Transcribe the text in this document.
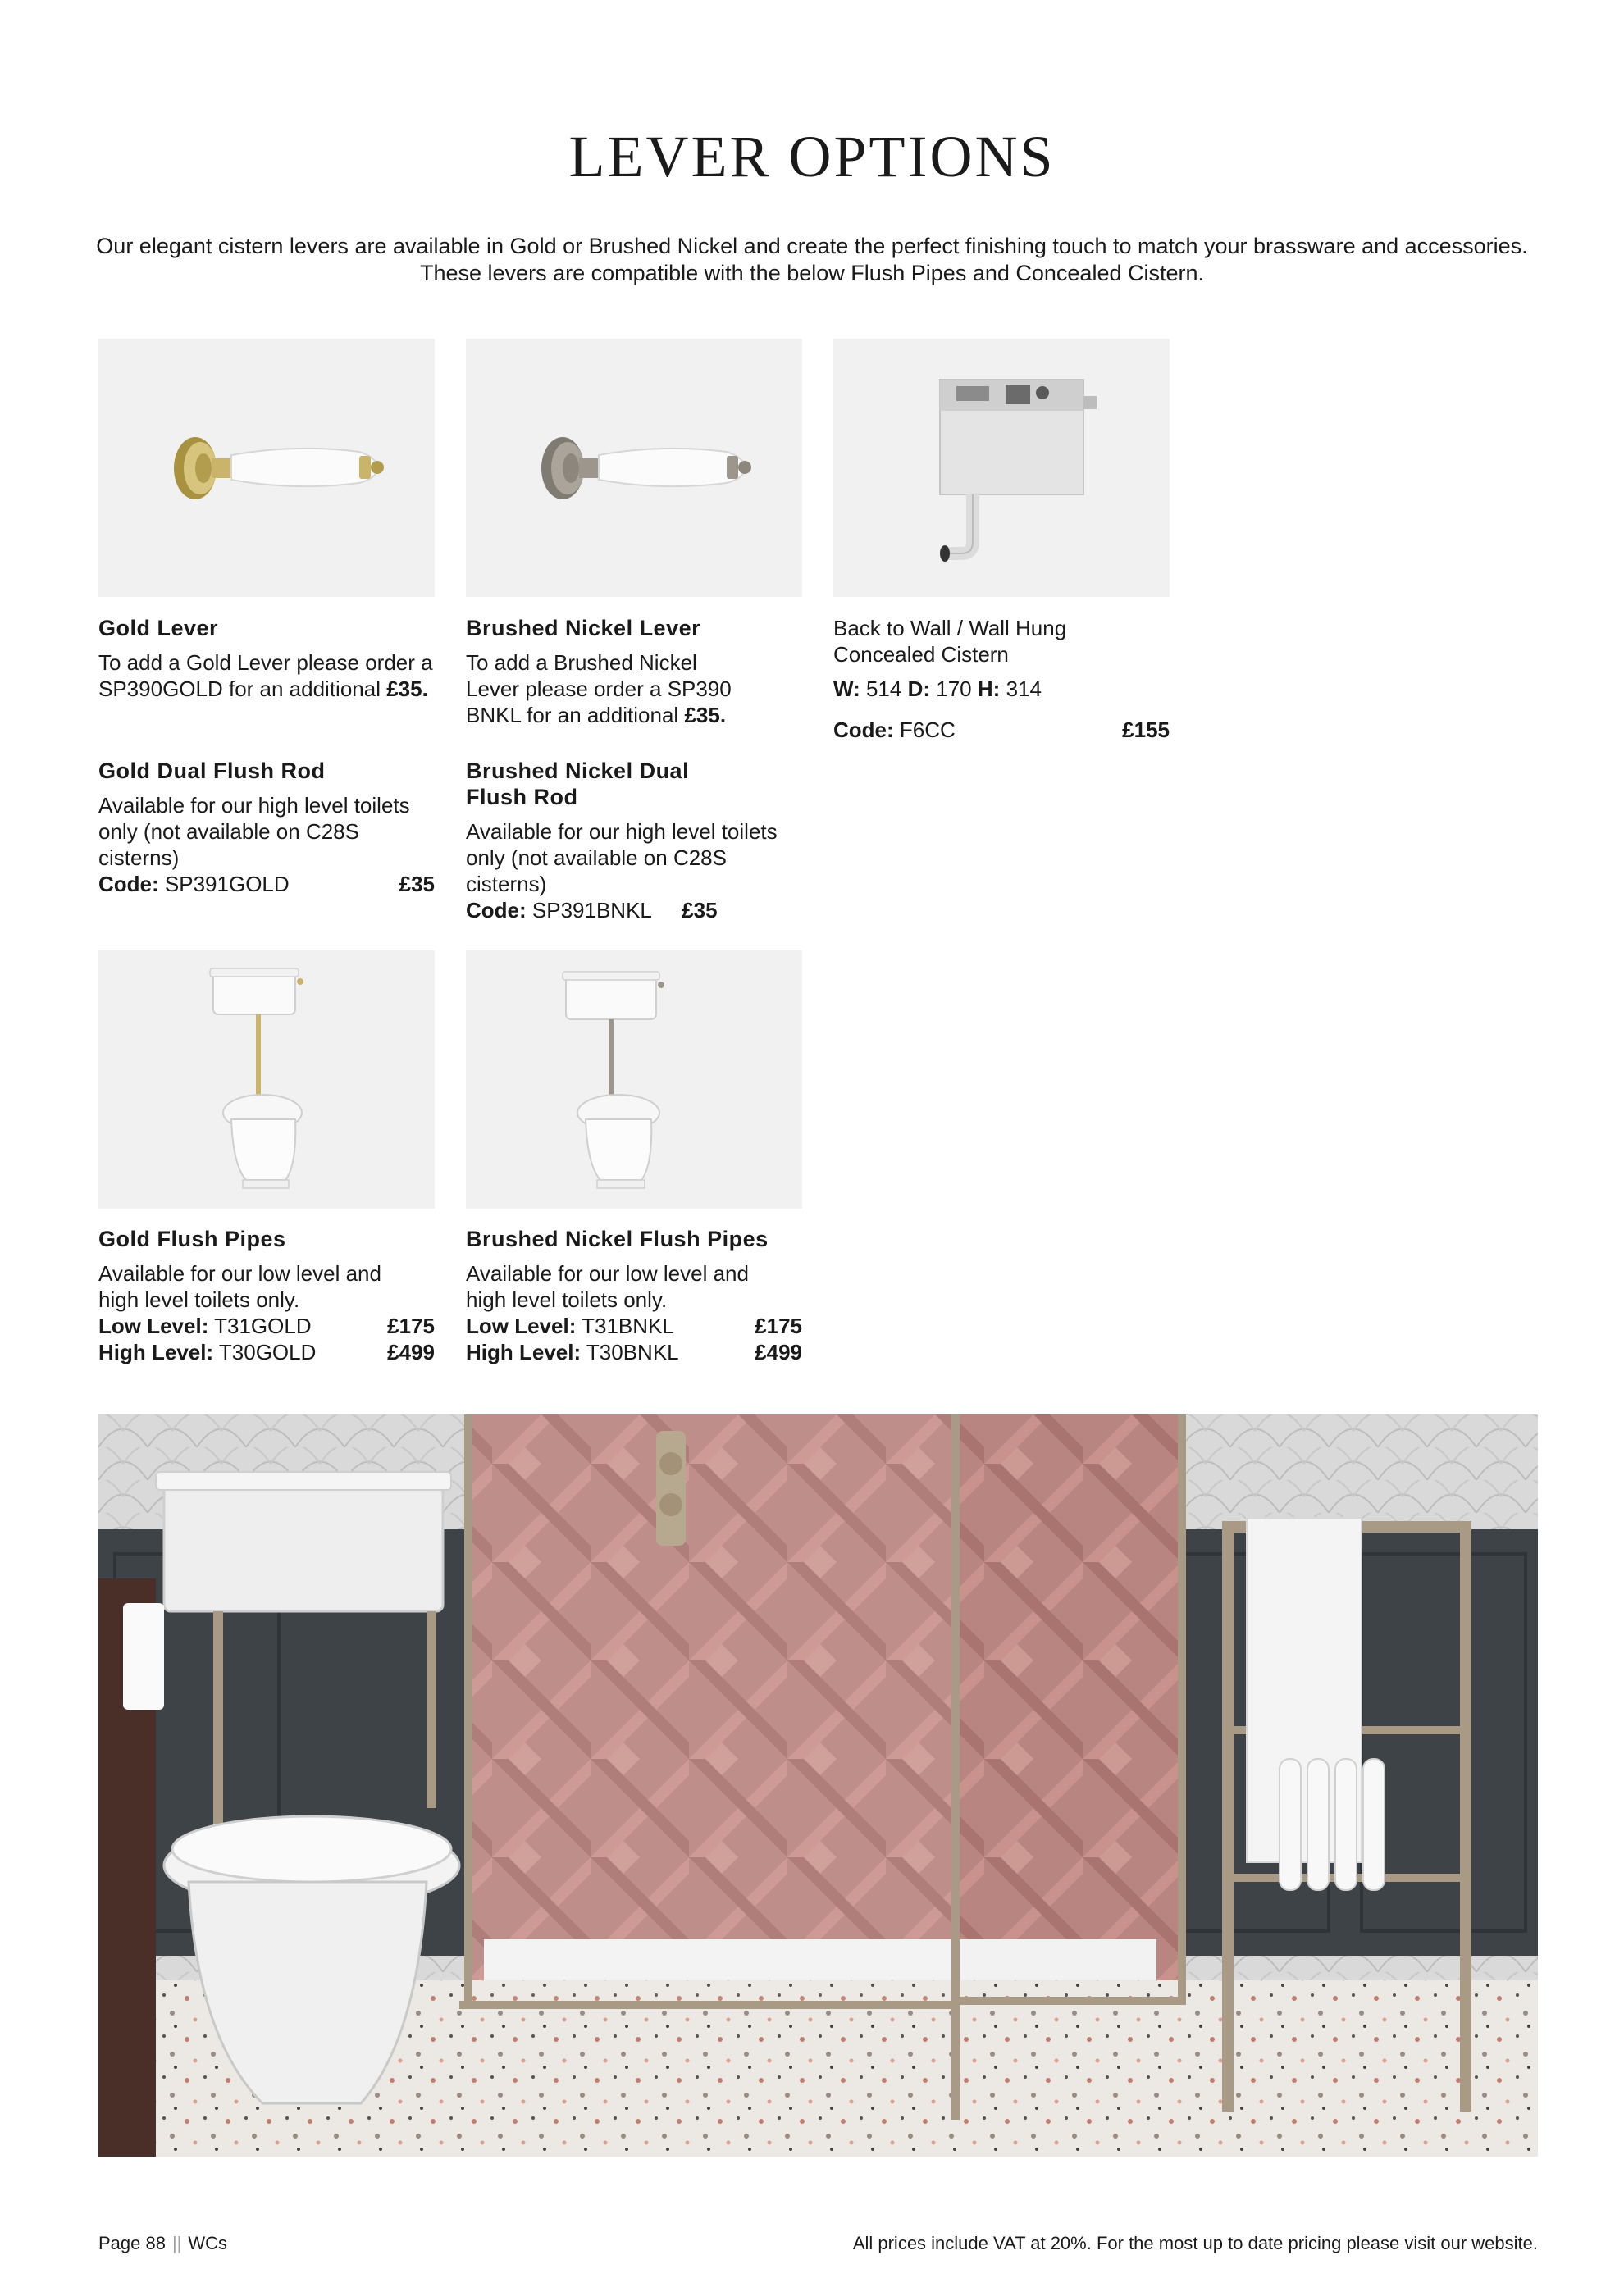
LEVER OPTIONS

Our elegant cistern levers are available in Gold or Brushed Nickel and create the perfect finishing touch to match your brassware and accessories.
These levers are compatible with the below Flush Pipes and Concealed Cistern.

Gold Lever
To add a Gold Lever please order a SP390GOLD for an additional £35.
Brushed Nickel Lever
To add a Brushed Nickel Lever please order a SP390 BNKL for an additional £35.
Back to Wall / Wall Hung Concealed Cistern
W: 514 D: 170 H: 314
Code: F6CC	£155
Gold Dual Flush Rod
Available for our high level toilets only (not available on C28S cisterns)
Code: SP391GOLD	£35
Brushed Nickel Dual Flush Rod
Available for our high level toilets only (not available on C28S cisterns)
Code: SP391BNKL £35
Gold Flush Pipes
Available for our low level and high level toilets only.
Low Level: T31GOLD	£175
High Level: T30GOLD	£499
Brushed Nickel Flush Pipes
Available for our low level and high level toilets only.
Low Level: T31BNKL	£175
High Level: T30BNKL	£499
Page 88 || WCs	All prices include VAT at 20%. For the most up to date pricing please visit our website.
